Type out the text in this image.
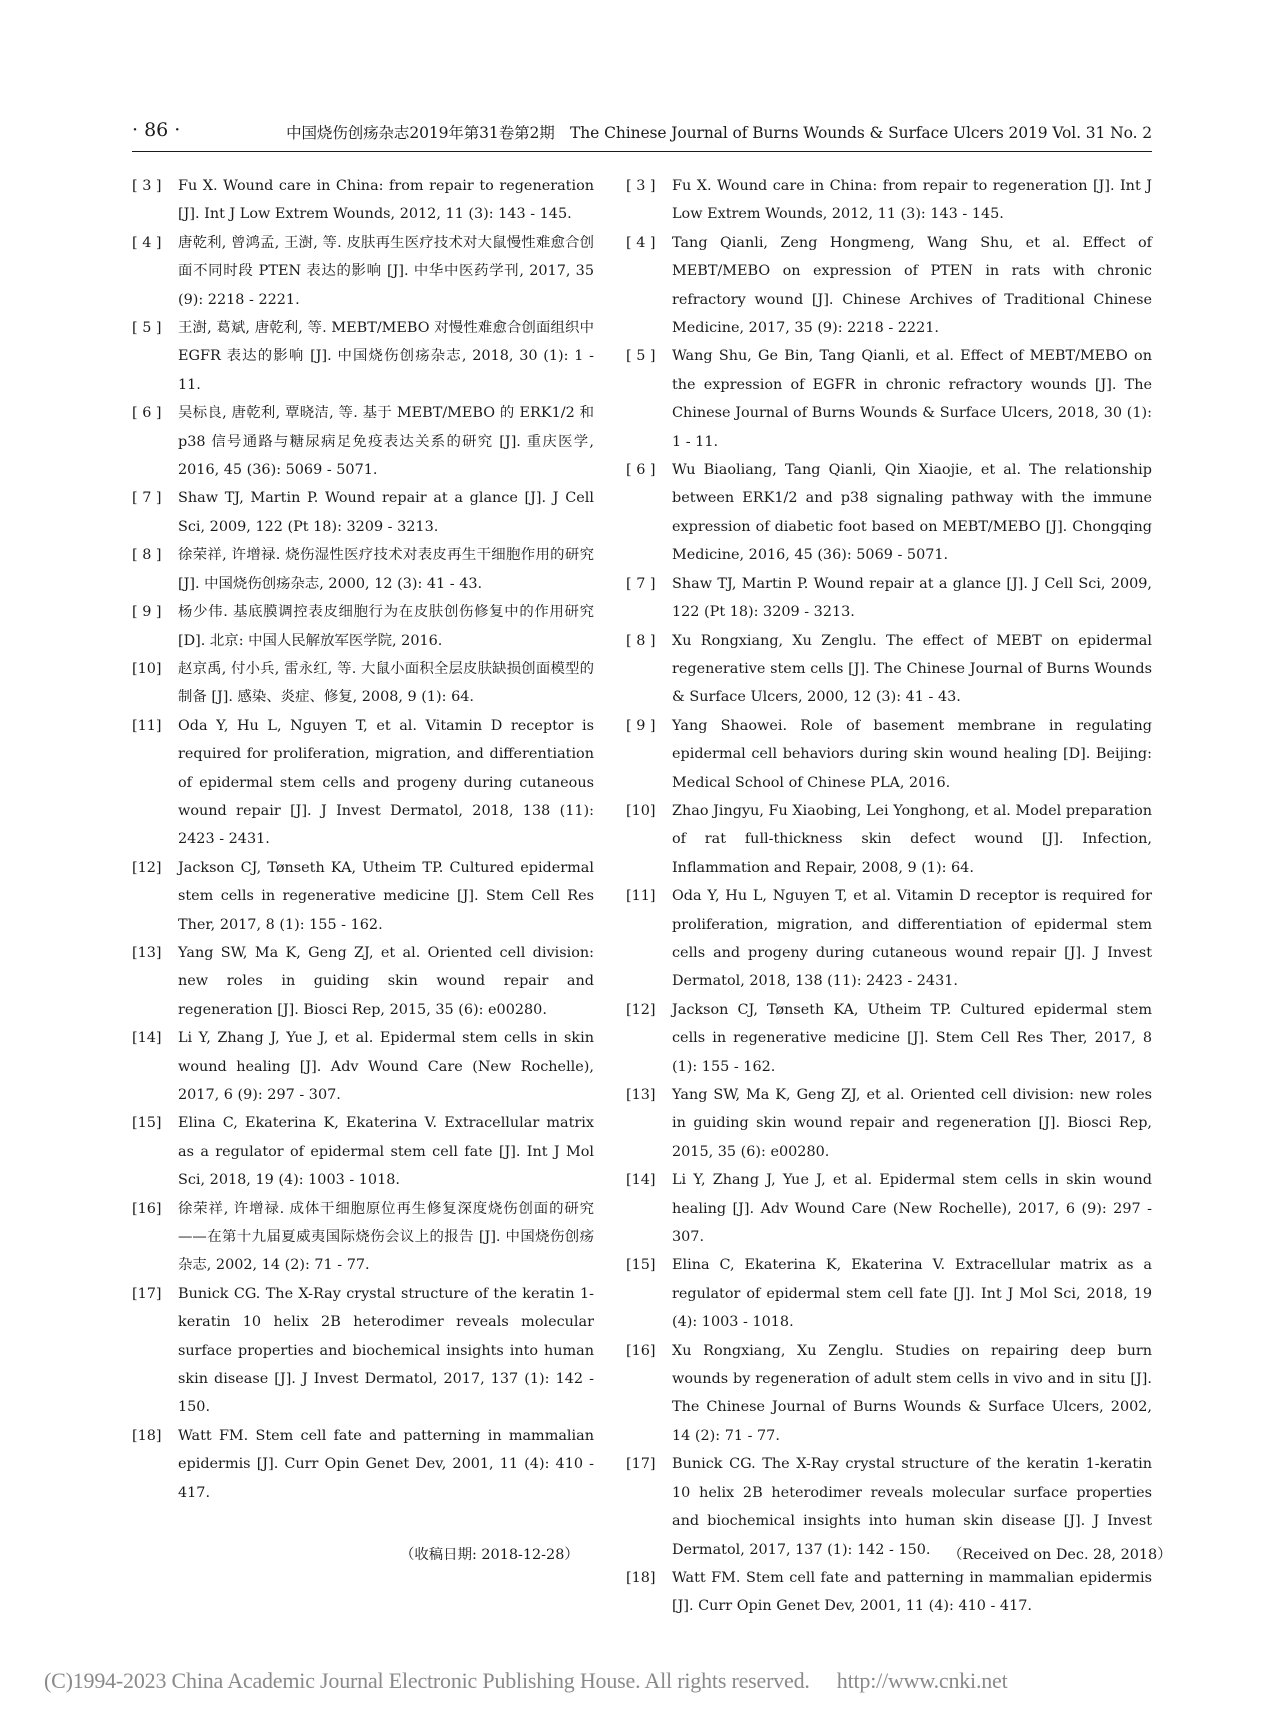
· 86 ·	中国烧伤创疡杂志2019年第31卷第2期　The Chinese Journal of Burns Wounds & Surface Ulcers 2019 Vol. 31 No. 2
[ 3 ] Fu X. Wound care in China: from repair to regeneration [J]. Int J Low Extrem Wounds, 2012, 11 (3): 143 - 145.
[ 4 ] 唐乾利, 曾鸿孟, 王澍, 等. 皮肤再生医疗技术对大鼠慢性难愈合创面不同时段 PTEN 表达的影响 [J]. 中华中医药学刊, 2017, 35 (9): 2218 - 2221.
[ 5 ] 王澍, 葛斌, 唐乾利, 等. MEBT/MEBO 对慢性难愈合创面组织中 EGFR 表达的影响 [J]. 中国烧伤创疡杂志, 2018, 30 (1): 1 - 11.
[ 6 ] 吴标良, 唐乾利, 覃晓洁, 等. 基于 MEBT/MEBO 的 ERK1/2 和 p38 信号通路与糖尿病足免疫表达关系的研究 [J]. 重庆医学, 2016, 45 (36): 5069 - 5071.
[ 7 ] Shaw TJ, Martin P. Wound repair at a glance [J]. J Cell Sci, 2009, 122 (Pt 18): 3209 - 3213.
[ 8 ] 徐荣祥, 许增禄. 烧伤湿性医疗技术对表皮再生干细胞作用的研究 [J]. 中国烧伤创疡杂志, 2000, 12 (3): 41 - 43.
[ 9 ] 杨少伟. 基底膜调控表皮细胞行为在皮肤创伤修复中的作用研究 [D]. 北京: 中国人民解放军医学院, 2016.
[10] 赵京禹, 付小兵, 雷永红, 等. 大鼠小面积全层皮肤缺损创面模型的制备 [J]. 感染、炎症、修复, 2008, 9 (1): 64.
[11] Oda Y, Hu L, Nguyen T, et al. Vitamin D receptor is required for proliferation, migration, and differentiation of epidermal stem cells and progeny during cutaneous wound repair [J]. J Invest Dermatol, 2018, 138 (11): 2423 - 2431.
[12] Jackson CJ, Tønseth KA, Utheim TP. Cultured epidermal stem cells in regenerative medicine [J]. Stem Cell Res Ther, 2017, 8 (1): 155 - 162.
[13] Yang SW, Ma K, Geng ZJ, et al. Oriented cell division: new roles in guiding skin wound repair and regeneration [J]. Biosci Rep, 2015, 35 (6): e00280.
[14] Li Y, Zhang J, Yue J, et al. Epidermal stem cells in skin wound healing [J]. Adv Wound Care (New Rochelle), 2017, 6 (9): 297 - 307.
[15] Elina C, Ekaterina K, Ekaterina V. Extracellular matrix as a regulator of epidermal stem cell fate [J]. Int J Mol Sci, 2018, 19 (4): 1003 - 1018.
[16] 徐荣祥, 许增禄. 成体干细胞原位再生修复深度烧伤创面的研究——在第十九届夏威夷国际烧伤会议上的报告 [J]. 中国烧伤创疡杂志, 2002, 14 (2): 71 - 77.
[17] Bunick CG. The X-Ray crystal structure of the keratin 1-keratin 10 helix 2B heterodimer reveals molecular surface properties and biochemical insights into human skin disease [J]. J Invest Dermatol, 2017, 137 (1): 142 - 150.
[18] Watt FM. Stem cell fate and patterning in mammalian epidermis [J]. Curr Opin Genet Dev, 2001, 11 (4): 410 - 417.
[ 3 ] Fu X. Wound care in China: from repair to regeneration [J]. Int J Low Extrem Wounds, 2012, 11 (3): 143 - 145.
[ 4 ] Tang Qianli, Zeng Hongmeng, Wang Shu, et al. Effect of MEBT/MEBO on expression of PTEN in rats with chronic refractory wound [J]. Chinese Archives of Traditional Chinese Medicine, 2017, 35 (9): 2218 - 2221.
[ 5 ] Wang Shu, Ge Bin, Tang Qianli, et al. Effect of MEBT/MEBO on the expression of EGFR in chronic refractory wounds [J]. The Chinese Journal of Burns Wounds & Surface Ulcers, 2018, 30 (1): 1 - 11.
[ 6 ] Wu Biaoliang, Tang Qianli, Qin Xiaojie, et al. The relationship between ERK1/2 and p38 signaling pathway with the immune expression of diabetic foot based on MEBT/MEBO [J]. Chongqing Medicine, 2016, 45 (36): 5069 - 5071.
[ 7 ] Shaw TJ, Martin P. Wound repair at a glance [J]. J Cell Sci, 2009, 122 (Pt 18): 3209 - 3213.
[ 8 ] Xu Rongxiang, Xu Zenglu. The effect of MEBT on epidermal regenerative stem cells [J]. The Chinese Journal of Burns Wounds & Surface Ulcers, 2000, 12 (3): 41 - 43.
[ 9 ] Yang Shaowei. Role of basement membrane in regulating epidermal cell behaviors during skin wound healing [D]. Beijing: Medical School of Chinese PLA, 2016.
[10] Zhao Jingyu, Fu Xiaobing, Lei Yonghong, et al. Model preparation of rat full-thickness skin defect wound [J]. Infection, Inflammation and Repair, 2008, 9 (1): 64.
[11] Oda Y, Hu L, Nguyen T, et al. Vitamin D receptor is required for proliferation, migration, and differentiation of epidermal stem cells and progeny during cutaneous wound repair [J]. J Invest Dermatol, 2018, 138 (11): 2423 - 2431.
[12] Jackson CJ, Tønseth KA, Utheim TP. Cultured epidermal stem cells in regenerative medicine [J]. Stem Cell Res Ther, 2017, 8 (1): 155 - 162.
[13] Yang SW, Ma K, Geng ZJ, et al. Oriented cell division: new roles in guiding skin wound repair and regeneration [J]. Biosci Rep, 2015, 35 (6): e00280.
[14] Li Y, Zhang J, Yue J, et al. Epidermal stem cells in skin wound healing [J]. Adv Wound Care (New Rochelle), 2017, 6 (9): 297 - 307.
[15] Elina C, Ekaterina K, Ekaterina V. Extracellular matrix as a regulator of epidermal stem cell fate [J]. Int J Mol Sci, 2018, 19 (4): 1003 - 1018.
[16] Xu Rongxiang, Xu Zenglu. Studies on repairing deep burn wounds by regeneration of adult stem cells in vivo and in situ [J]. The Chinese Journal of Burns Wounds & Surface Ulcers, 2002, 14 (2): 71 - 77.
[17] Bunick CG. The X-Ray crystal structure of the keratin 1-keratin 10 helix 2B heterodimer reveals molecular surface properties and biochemical insights into human skin disease [J]. J Invest Dermatol, 2017, 137 (1): 142 - 150.
[18] Watt FM. Stem cell fate and patterning in mammalian epidermis [J]. Curr Opin Genet Dev, 2001, 11 (4): 410 - 417.
（收稿日期: 2018-12-28）	（Received on Dec. 28, 2018）
(C)1994-2023 China Academic Journal Electronic Publishing House. All rights reserved.　 http://www.cnki.net
